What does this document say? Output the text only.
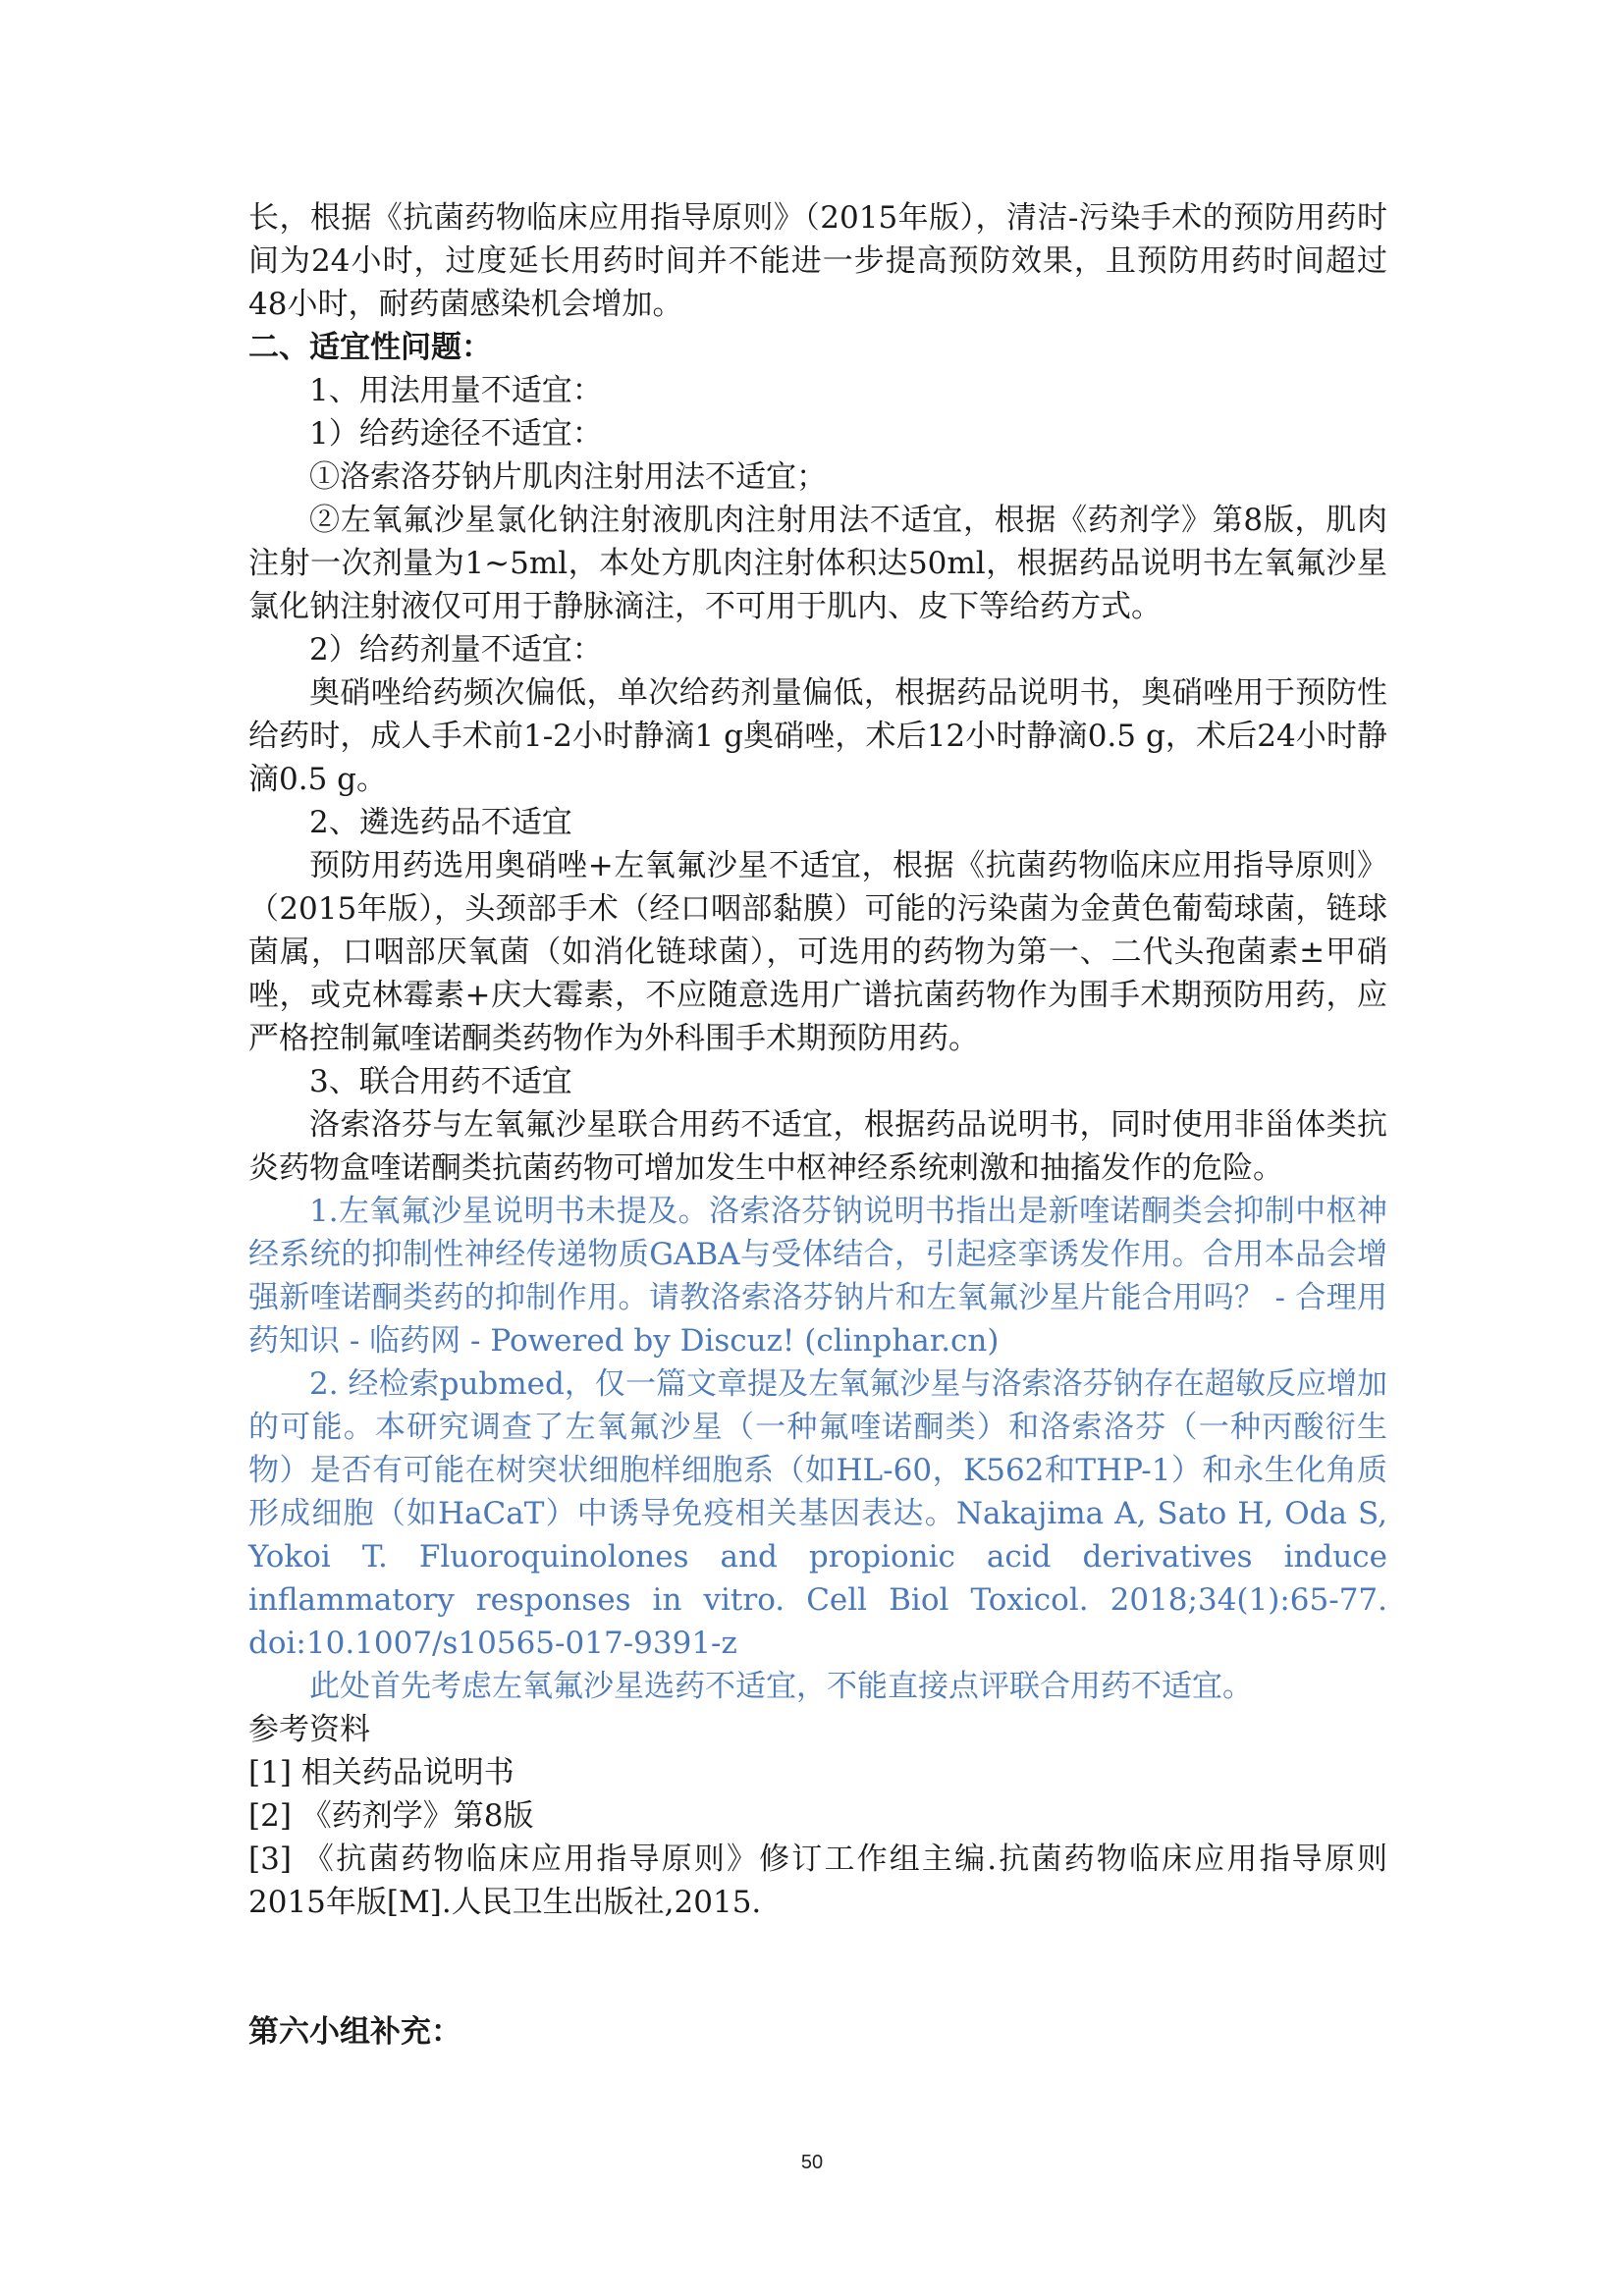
长，根据《抗菌药物临床应用指导原则》（2015年版），清洁-污染手术的预防用药时间为24小时，过度延长用药时间并不能进一步提高预防效果，且预防用药时间超过48小时，耐药菌感染机会增加。

二、适宜性问题：

1、用法用量不适宜：

1）给药途径不适宜：

①洛索洛芬钠片肌肉注射用法不适宜；

②左氧氟沙星氯化钠注射液肌肉注射用法不适宜，根据《药剂学》第8版，肌肉注射一次剂量为1~5ml，本处方肌肉注射体积达50ml，根据药品说明书左氧氟沙星氯化钠注射液仅可用于静脉滴注，不可用于肌内、皮下等给药方式。

2）给药剂量不适宜：

奥硝唑给药频次偏低，单次给药剂量偏低，根据药品说明书，奥硝唑用于预防性给药时，成人手术前1-2小时静滴1 g奥硝唑，术后12小时静滴0.5 g，术后24小时静滴0.5 g。

2、遴选药品不适宜

预防用药选用奥硝唑+左氧氟沙星不适宜，根据《抗菌药物临床应用指导原则》（2015年版），头颈部手术（经口咽部黏膜）可能的污染菌为金黄色葡萄球菌，链球菌属，口咽部厌氧菌（如消化链球菌），可选用的药物为第一、二代头孢菌素±甲硝唑，或克林霉素+庆大霉素，不应随意选用广谱抗菌药物作为围手术期预防用药，应严格控制氟喹诺酮类药物作为外科围手术期预防用药。

3、联合用药不适宜

洛索洛芬与左氧氟沙星联合用药不适宜，根据药品说明书，同时使用非甾体类抗炎药物盒喹诺酮类抗菌药物可增加发生中枢神经系统刺激和抽搐发作的危险。

1.左氧氟沙星说明书未提及。洛索洛芬钠说明书指出是新喹诺酮类会抑制中枢神经系统的抑制性神经传递物质GABA与受体结合，引起痉挛诱发作用。合用本品会增强新喹诺酮类药的抑制作用。请教洛索洛芬钠片和左氧氟沙星片能合用吗？ - 合理用药知识 - 临药网 - Powered by Discuz! (clinphar.cn)

2. 经检索pubmed，仅一篇文章提及左氧氟沙星与洛索洛芬钠存在超敏反应增加的可能。本研究调查了左氧氟沙星（一种氟喹诺酮类）和洛索洛芬（一种丙酸衍生物）是否有可能在树突状细胞样细胞系（如HL-60，K562和THP-1）和永生化角质形成细胞（如HaCaT）中诱导免疫相关基因表达。Nakajima A, Sato H, Oda S, Yokoi T. Fluoroquinolones and propionic acid derivatives induce inflammatory responses in vitro. Cell Biol Toxicol. 2018;34(1):65-77. doi:10.1007/s10565-017-9391-z

此处首先考虑左氧氟沙星选药不适宜，不能直接点评联合用药不适宜。

参考资料

[1] 相关药品说明书

[2] 《药剂学》第8版

[3] 《抗菌药物临床应用指导原则》修订工作组主编.抗菌药物临床应用指导原则2015年版[M].人民卫生出版社,2015.

第六小组补充：

50
